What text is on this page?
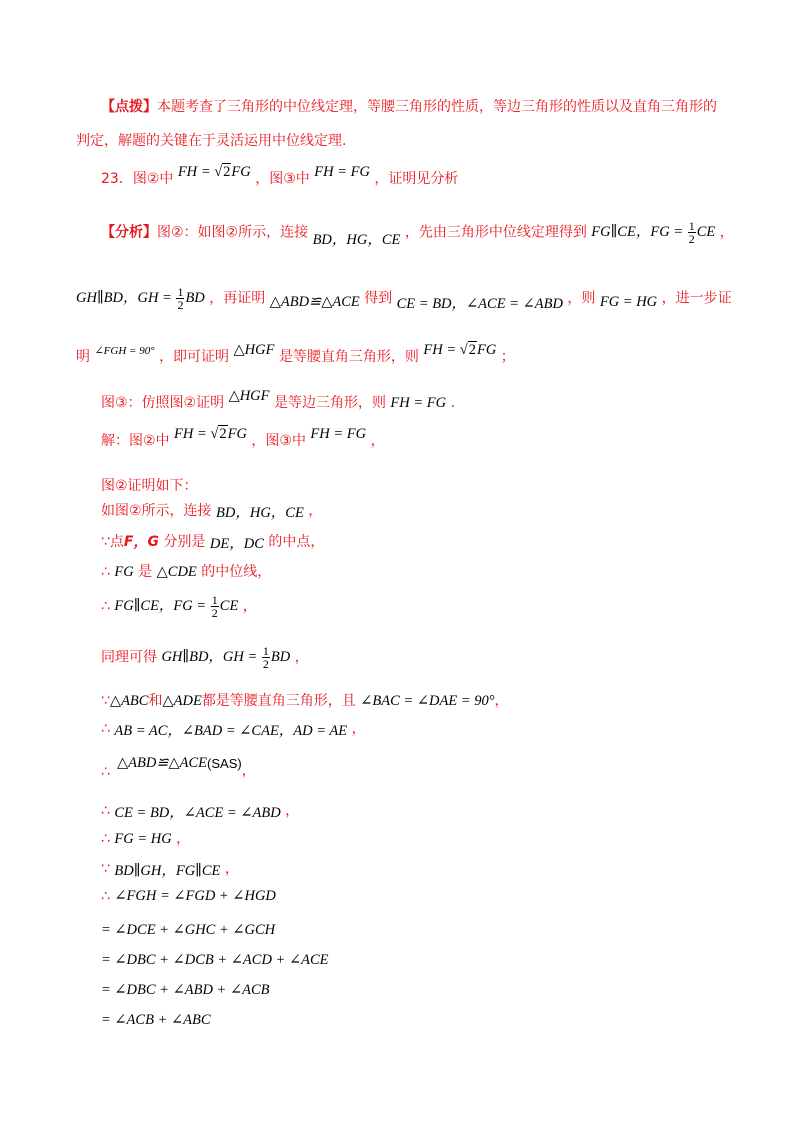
【点拨】本题考查了三角形的中位线定理，等腰三角形的性质，等边三角形的性质以及直角三角形的
判定，解题的关键在于灵活运用中位线定理.
23．图②中 FH = √2FG ，图③中 FH = FG ，证明见分析
【分析】图②：如图②所示，连接 BD，HG，CE ，先由三角形中位线定理得到 FG∥CE，FG = $\frac{1}{2}$ CE ，
GH∥BD，GH = $\frac{1}{2}$ BD ，再证明 △ABD≌△ACE 得到 CE = BD，∠ACE = ∠ABD ，则 FG = HG ，进一步证
明 ∠FGH = 90° ，即可证明 △HGF 是等腰直角三角形，则 FH = √2FG ；
图③：仿照图②证明 △HGF 是等边三角形，则 FH = FG .
解：图②中 FH = √2FG ，图③中 FH = FG ，
图②证明如下：
如图②所示，连接 BD，HG，CE ，
∵点F，G 分别是 DE，DC 的中点，
∴ FG 是 △CDE 的中位线，
∴ FG∥CE，FG = $\frac{1}{2}$ CE ，
同理可得 GH∥BD，GH = $\frac{1}{2}$ BD ，
∵△ABC和△ADE都是等腰直角三角形，且 ∠BAC = ∠DAE = 90°，
∴ AB = AC，∠BAD = ∠CAE，AD = AE ，
∴
△ABD≌△ACE(SAS)，
∴ CE = BD，∠ACE = ∠ABD ，
∴ FG = HG ，
∵ BD∥GH，FG∥CE ，
∴ ∠FGH = ∠FGD + ∠HGD
= ∠DCE + ∠GHC + ∠GCH
= ∠DBC + ∠DCB + ∠ACD + ∠ACE
= ∠DBC + ∠ABD + ∠ACB
= ∠ACB + ∠ABC
